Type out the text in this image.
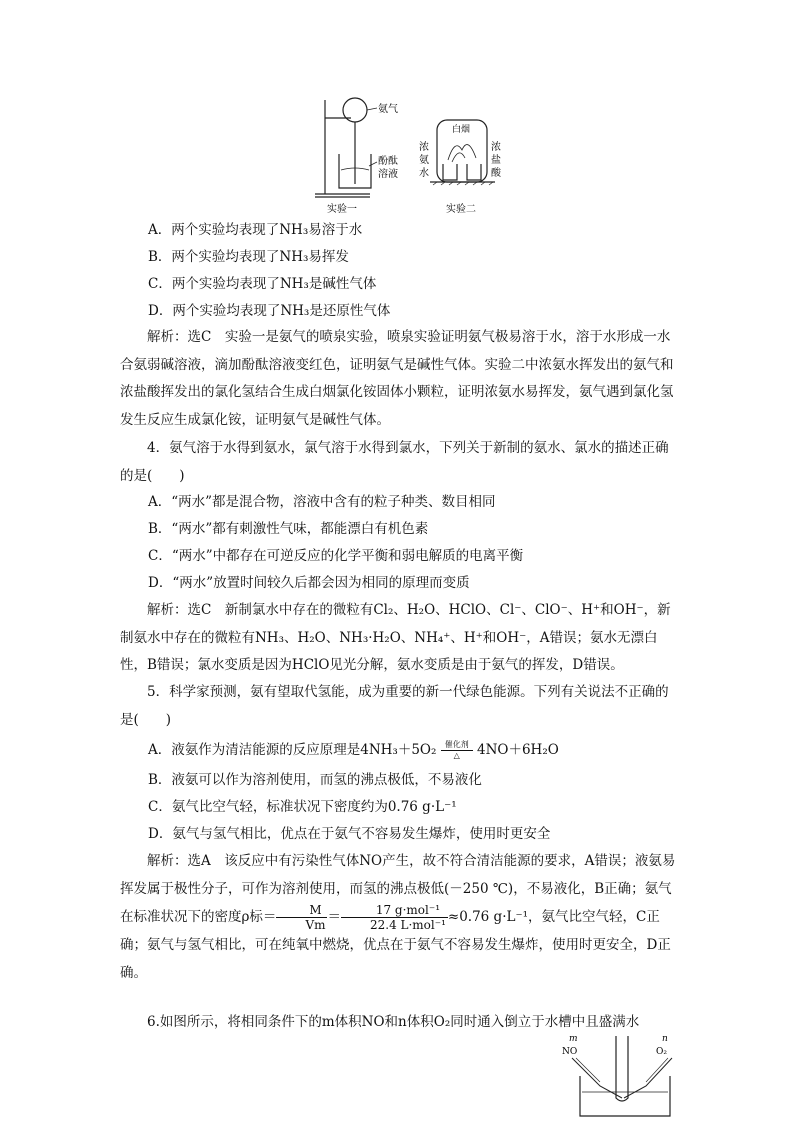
氨气
酚酞
溶液
实验一
白烟
浓
氨
水
浓
盐
酸
实验二
A．两个实验均表现了NH₃易溶于水
B．两个实验均表现了NH₃易挥发
C．两个实验均表现了NH₃是碱性气体
D．两个实验均表现了NH₃是还原性气体
解析：选C　实验一是氨气的喷泉实验，喷泉实验证明氨气极易溶于水，溶于水形成一水合氨弱碱溶液，滴加酚酞溶液变红色，证明氨气是碱性气体。实验二中浓氨水挥发出的氨气和浓盐酸挥发出的氯化氢结合生成白烟氯化铵固体小颗粒，证明浓氨水易挥发，氨气遇到氯化氢发生反应生成氯化铵，证明氨气是碱性气体。
4．氨气溶于水得到氨水，氯气溶于水得到氯水，下列关于新制的氨水、氯水的描述正确的是(　　)
A．“两水”都是混合物，溶液中含有的粒子种类、数目相同
B．“两水”都有刺激性气味，都能漂白有机色素
C．“两水”中都存在可逆反应的化学平衡和弱电解质的电离平衡
D．“两水”放置时间较久后都会因为相同的原理而变质
解析：选C　新制氯水中存在的微粒有Cl₂、H₂O、HClO、Cl⁻、ClO⁻、H⁺和OH⁻，新制氨水中存在的微粒有NH₃、H₂O、NH₃·H₂O、NH₄⁺、H⁺和OH⁻，A错误；氨水无漂白性，B错误；氯水变质是因为HClO见光分解，氨水变质是由于氨气的挥发，D错误。
5．科学家预测，氨有望取代氢能，成为重要的新一代绿色能源。下列有关说法不正确的是(　　)
A．液氨作为清洁能源的反应原理是4NH₃＋5O₂ 催化剂
△ 4NO＋6H₂O
B．液氨可以作为溶剂使用，而氢的沸点极低，不易液化
C．氨气比空气轻，标准状况下密度约为0.76 g·L⁻¹
D．氨气与氢气相比，优点在于氨气不容易发生爆炸，使用时更安全
解析：选A　该反应中有污染性气体NO产生，故不符合清洁能源的要求，A错误；液氨易挥发属于极性分子，可作为溶剂使用，而氢的沸点极低(－250 ℃)，不易液化，B正确；氨气在标准状况下的密度ρ标＝ $\frac{M}{Vm} = \frac{\text{17 g·mol⁻¹}}{\text{22.4 L·mol⁻¹}} \approx 0.76$ g·L⁻¹，氨气比空气轻，C正确；氨气与氢气相比，可在纯氧中燃烧，优点在于氨气不容易发生爆炸，使用时更安全，D正确。
6.如图所示，将相同条件下的m体积NO和n体积O₂同时通入倒立于水槽中且盛满水
m
NO
n
O₂
